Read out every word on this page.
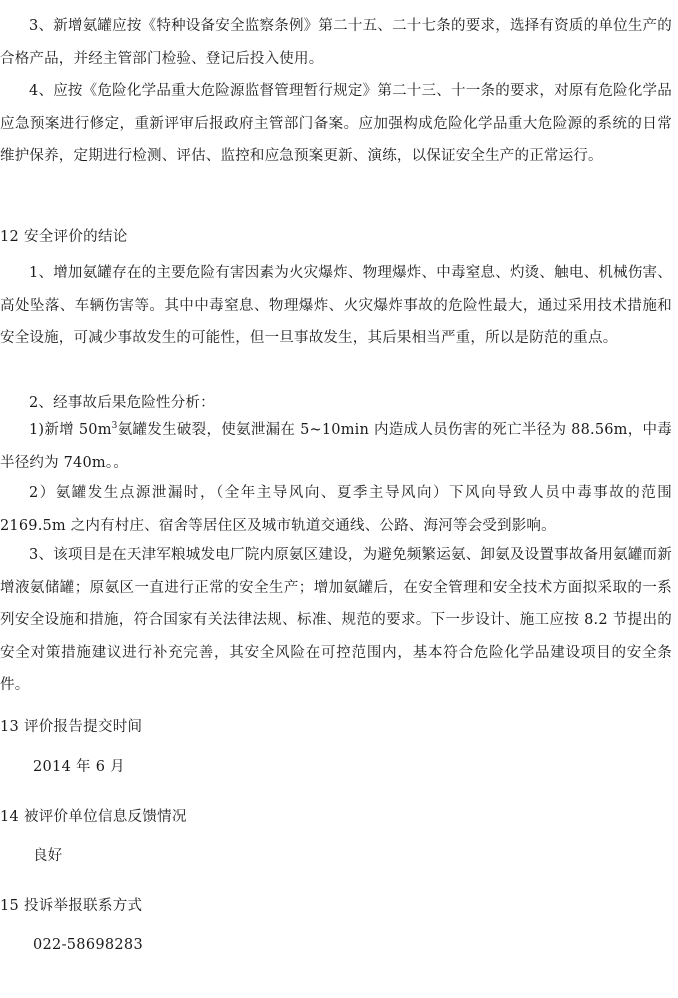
3、新增氨罐应按《特种设备安全监察条例》第二十五、二十七条的要求，选择有资质的单位生产的合格产品，并经主管部门检验、登记后投入使用。

4、应按《危险化学品重大危险源监督管理暂行规定》第二十三、十一条的要求，对原有危险化学品应急预案进行修定，重新评审后报政府主管部门备案。应加强构成危险化学品重大危险源的系统的日常维护保养，定期进行检测、评估、监控和应急预案更新、演练，以保证安全生产的正常运行。

12 安全评价的结论

1、增加氨罐存在的主要危险有害因素为火灾爆炸、物理爆炸、中毒窒息、灼烫、触电、机械伤害、高处坠落、车辆伤害等。其中中毒窒息、物理爆炸、火灾爆炸事故的危险性最大，通过采用技术措施和安全设施，可减少事故发生的可能性，但一旦事故发生，其后果相当严重，所以是防范的重点。

2、经事故后果危险性分析：

1)新增 $50m^3$氨罐发生破裂，使氨泄漏在 5~10min 内造成人员伤害的死亡半径为 88.56m，中毒半径约为 740m。。

2）氨罐发生点源泄漏时，（全年主导风向、夏季主导风向）下风向导致人员中毒事故的范围 2169.5m 之内有村庄、宿舍等居住区及城市轨道交通线、公路、海河等会受到影响。

3、该项目是在天津军粮城发电厂院内原氨区建设，为避免频繁运氨、卸氨及设置事故备用氨罐而新增液氨储罐；原氨区一直进行正常的安全生产；增加氨罐后，在安全管理和安全技术方面拟采取的一系列安全设施和措施，符合国家有关法律法规、标准、规范的要求。下一步设计、施工应按 8.2 节提出的安全对策措施建议进行补充完善，其安全风险在可控范围内，基本符合危险化学品建设项目的安全条件。

13 评价报告提交时间

2014 年 6 月

14 被评价单位信息反馈情况

良好

15 投诉举报联系方式

022-58698283
